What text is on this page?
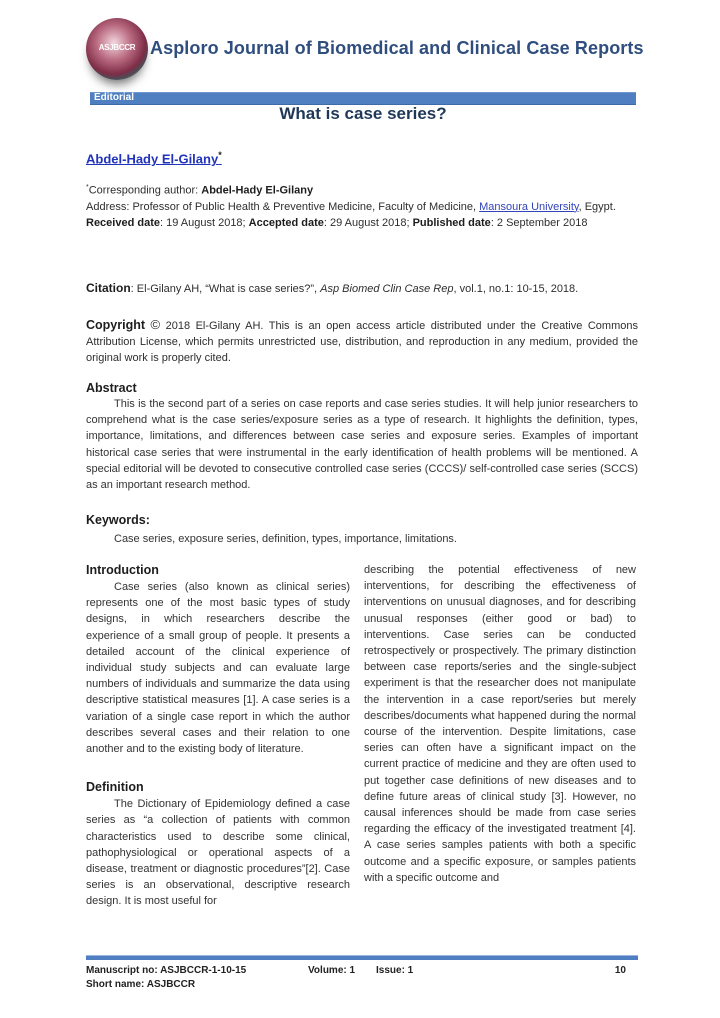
ASJBCCR Asploro Journal of Biomedical and Clinical Case Reports
Editorial
What is case series?
Abdel-Hady El-Gilany*
*Corresponding author: Abdel-Hady El-Gilany
Address: Professor of Public Health & Preventive Medicine, Faculty of Medicine, Mansoura University, Egypt.
Received date: 19 August 2018; Accepted date: 29 August 2018; Published date: 2 September 2018
Citation: El-Gilany AH, “What is case series?”, Asp Biomed Clin Case Rep, vol.1, no.1: 10-15, 2018.
Copyright © 2018 El-Gilany AH. This is an open access article distributed under the Creative Commons Attribution License, which permits unrestricted use, distribution, and reproduction in any medium, provided the original work is properly cited.
Abstract

This is the second part of a series on case reports and case series studies. It will help junior researchers to comprehend what is the case series/exposure series as a type of research. It highlights the definition, types, importance, limitations, and differences between case series and exposure series. Examples of important historical case series that were instrumental in the early identification of health problems will be mentioned. A special editorial will be devoted to consecutive controlled case series (CCCS)/ self-controlled case series (SCCS) as an important research method.

Keywords:

Case series, exposure series, definition, types, importance, limitations.

Introduction

Case series (also known as clinical series) represents one of the most basic types of study designs, in which researchers describe the experience of a small group of people. It presents a detailed account of the clinical experience of individual study subjects and can evaluate large numbers of individuals and summarize the data using descriptive statistical measures [1]. A case series is a variation of a single case report in which the author describes several cases and their relation to one another and to the existing body of literature.

Definition

The Dictionary of Epidemiology defined a case series as “a collection of patients with common characteristics used to describe some clinical, pathophysiological or operational aspects of a disease, treatment or diagnostic procedures”[2]. Case series is an observational, descriptive research design. It is most useful for

describing the potential effectiveness of new interventions, for describing the effectiveness of interventions on unusual diagnoses, and for describing unusual responses (either good or bad) to interventions. Case series can be conducted retrospectively or prospectively. The primary distinction between case reports/series and the single-subject experiment is that the researcher does not manipulate the intervention in a case report/series but merely describes/documents what happened during the normal course of the intervention. Despite limitations, case series can often have a significant impact on the current practice of medicine and they are often used to put together case definitions of new diseases and to define future areas of clinical study [3]. However, no causal inferences should be made from case series regarding the efficacy of the investigated treatment [4]. A case series samples patients with both a specific outcome and a specific exposure, or samples patients with a specific outcome and

Manuscript no: ASJBCCR-1-10-15	Volume: 1 Issue: 1	10
Short name: ASJBCCR
